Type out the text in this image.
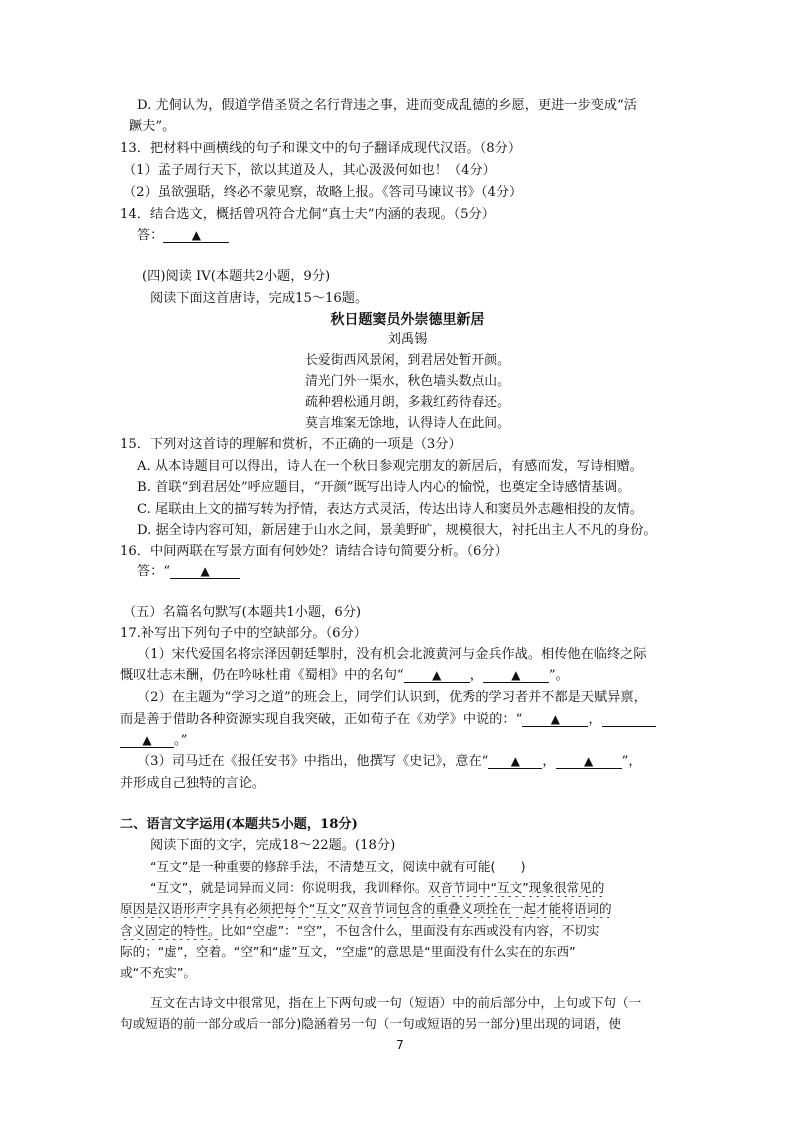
D. 尤侗认为，假道学借圣贤之名行背违之事，进而变成乱德的乡愿，更进一步变成“活
蹶夫”。
13．把材料中画横线的句子和课文中的句子翻译成现代汉语。（8分）
（1）孟子周行天下，欲以其道及人，其心汲汲何如也！（4分）
（2）虽欲强聒，终必不蒙见察，故略上报。《答司马谏议书》（4分）
14．结合选文，概括曾巩符合尤侗“真士夫”内涵的表现。（5分）
答： ▲
(四)阅读 IV(本题共2小题，9分)
阅读下面这首唐诗，完成15～16题。
秋日题窦员外崇德里新居
刘禹锡
长爱街西风景闲，到君居处暂开颜。
清光门外一渠水，秋色墙头数点山。
疏种碧松通月朗，多栽红药待春还。
莫言堆案无馀地，认得诗人在此间。
15．下列对这首诗的理解和赏析，不正确的一项是（3分）
A. 从本诗题目可以得出，诗人在一个秋日参观完朋友的新居后，有感而发，写诗相赠。
B. 首联“到君居处”呼应题目，“开颜”既写出诗人内心的愉悦，也奠定全诗感情基调。
C. 尾联由上文的描写转为抒情，表达方式灵活，传达出诗人和窦员外志趣相投的友情。
D. 据全诗内容可知，新居建于山水之间，景美野旷，规模很大，衬托出主人不凡的身份。
16．中间两联在写景方面有何妙处？请结合诗句简要分析。（6分）
答：“	▲
（五）名篇名句默写(本题共1小题，6分)
17.补写出下列句子中的空缺部分。（6分）
（1）宋代爱国名将宗泽因朝廷掣肘，没有机会北渡黄河与金兵作战。相传他在临终之际
慨叹壮志未酬，仍在吟咏杜甫《蜀相》中的名句“ ▲ ， ▲ ”。
（2）在主题为“学习之道”的班会上，同学们认识到，优秀的学习者并不都是天赋异禀，
而是善于借助各种资源实现自我突破，正如荀子在《劝学》中说的：“ ▲ ，
▲ 。”
（3）司马迁在《报任安书》中指出，他撰写《史记》，意在“ ▲ ， ▲ ”，
并形成自己独特的言论。
二、语言文字运用(本题共5小题，18分)
阅读下面的文字，完成18～22题。(18分)
“互文”是一种重要的修辞手法，不清楚互文，阅读中就有可能(　　)
“互文”，就是词异而义同：你说明我，我训释你。双音节词中“互文”现象很常见的
原因是汉语形声字具有必须把每个“互文”双音节词包含的重叠义项拴在一起才能将语词的
含义固定的特性。比如“空虚”：“空”，不包含什么，里面没有东西或没有内容，不切实
际的；“虚”，空着。“空”和“虚”互文，“空虚”的意思是“里面没有什么实在的东西”
或“不充实”。
互文在古诗文中很常见，指在上下两句或一句（短语）中的前后部分中，上句或下句（一
句或短语的前一部分或后一部分)隐涵着另一句（一句或短语的另一部分)里出现的词语，使
7
